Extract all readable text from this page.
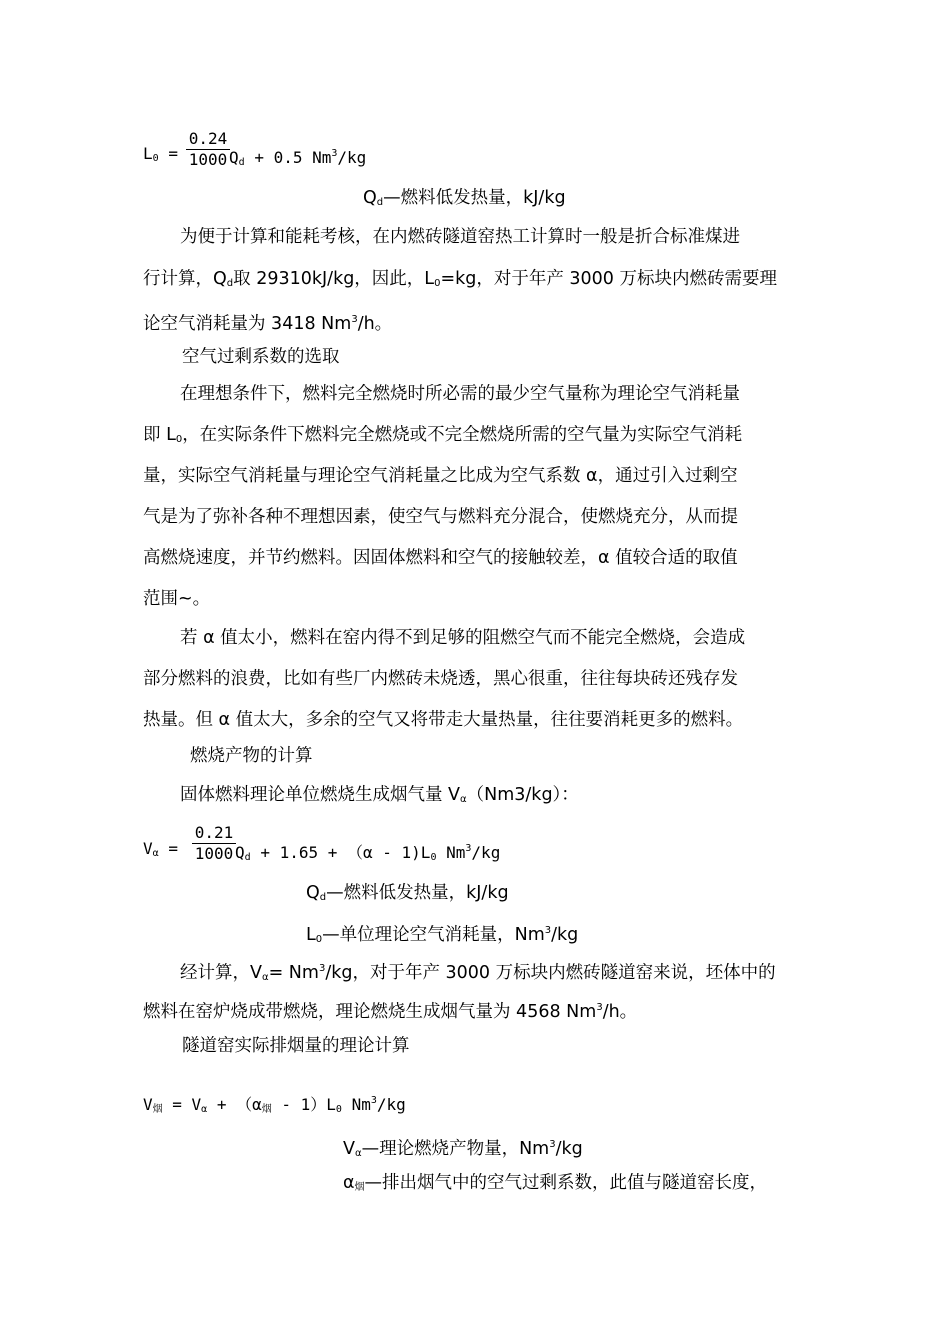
$L_0$ =
0.24
1000 $Q_d + 0.5$ Nm$^3$/kg
$Q_d—$燃料低发热量，kJ/kg
为便于计算和能耗考核，在内燃砖隧道窑热工计算时一般是折合标准煤进
行计算，$Q_d$取 29310kJ/kg，因此，$L_0=kg$，对于年产 3000 万标块内燃砖需要理
论空气消耗量为 3418 Nm$^3$/h。
空气过剩系数的选取
在理想条件下，燃料完全燃烧时所必需的最少空气量称为理论空气消耗量
即 $L_0$，在实际条件下燃料完全燃烧或不完全燃烧所需的空气量为实际空气消耗
量，实际空气消耗量与理论空气消耗量之比成为空气系数 α，通过引入过剩空
气是为了弥补各种不理想因素，使空气与燃料充分混合，使燃烧充分，从而提
高燃烧速度，并节约燃料。因固体燃料和空气的接触较差，α 值较合适的取值
范围~。
若 α 值太小，燃料在窑内得不到足够的阻燃空气而不能完全燃烧，会造成
部分燃料的浪费，比如有些厂内燃砖未烧透，黑心很重，往往每块砖还残存发
热量。但 α 值太大，多余的空气又将带走大量热量，往往要消耗更多的燃料。
燃烧产物的计算
固体燃料理论单位燃烧生成烟气量 $V_\alpha(Nm3/kg)$：
$V_\alpha$ =
0.21
1000 $Q_d + 1.65 + (\alpha - 1)L_0$ Nm$^3$/kg
$Q_d—$燃料低发热量，kJ/kg
$L_0—$单位理论空气消耗量，Nm$^3$/kg
经计算，$V_\alpha= Nm^3/kg$，对于年产 3000 万标块内燃砖隧道窑来说，坯体中的
燃料在窑炉烧成带燃烧，理论燃烧生成烟气量为 4568 Nm$^3$/h。
隧道窑实际排烟量的理论计算
$V_烟 = V_\alpha + (\alpha_烟 - 1)L_0$ Nm$^3$/kg
$V_\alpha—$理论燃烧产物量，Nm$^3$/kg
$\alpha_烟—$排出烟气中的空气过剩系数，此值与隧道窑长度，
